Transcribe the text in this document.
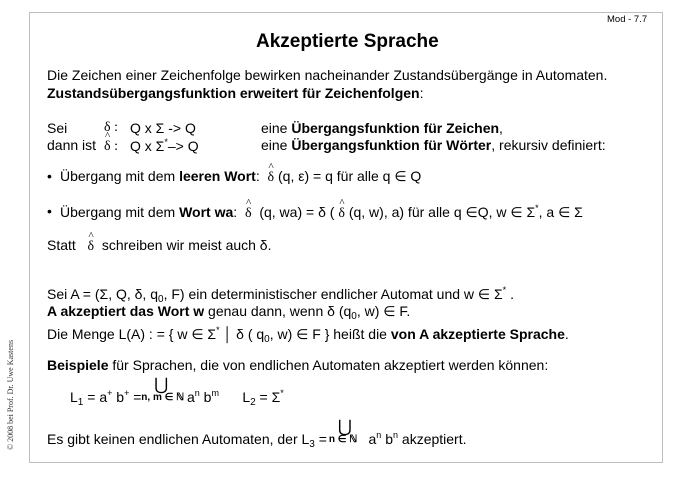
Mod - 7.7
Akzeptierte Sprache
© 2008 bei Prof. Dr. Uwe Kastens
Die Zeichen einer Zeichenfolge bewirken nacheinander Zustandsübergänge in Automaten.
Zustandsübergangsfunktion erweitert für Zeichenfolgen:
Sei	δ : Q x Σ -> Q	eine Übergangsfunktion für Zeichen,
dann ist ^ δ : Q x Σ*–> Q	eine Übergangsfunktion für Wörter, rekursiv definiert:
• Übergang mit dem leeren Wort: ^ δ (q, ε) = q für alle q ∈ Q
• Übergang mit dem Wort wa: ^ δ (q, wa) = δ ( ^ δ (q, w), a) für alle q ∈Q, w ∈ Σ*, a ∈ Σ
Statt ^ δ schreiben wir meist auch δ.
Sei A = (Σ, Q, δ, $q_0$, F) ein deterministischer endlicher Automat und w ∈ Σ* .
A akzeptiert das Wort w genau dann, wenn δ ($q_0$, w) ∈ F.
Die Menge L(A) : = { w ∈ Σ* │ δ ( $q_0$, w) ∈ F } heißt die von A akzeptierte Sprache.
Beispiele für Sprachen, die von endlichen Automaten akzeptiert werden können:
$L_1 = a^+$ b+ =
⋃
n, m ∈ ℕ $a^n$ $b^m$ $L_2 = \Sigma^*$
Es gibt keinen endlichen Automaten, der $L_3$ =
⋃
n ∈ ℕ $a^n$ $b^n$ akzeptiert.
